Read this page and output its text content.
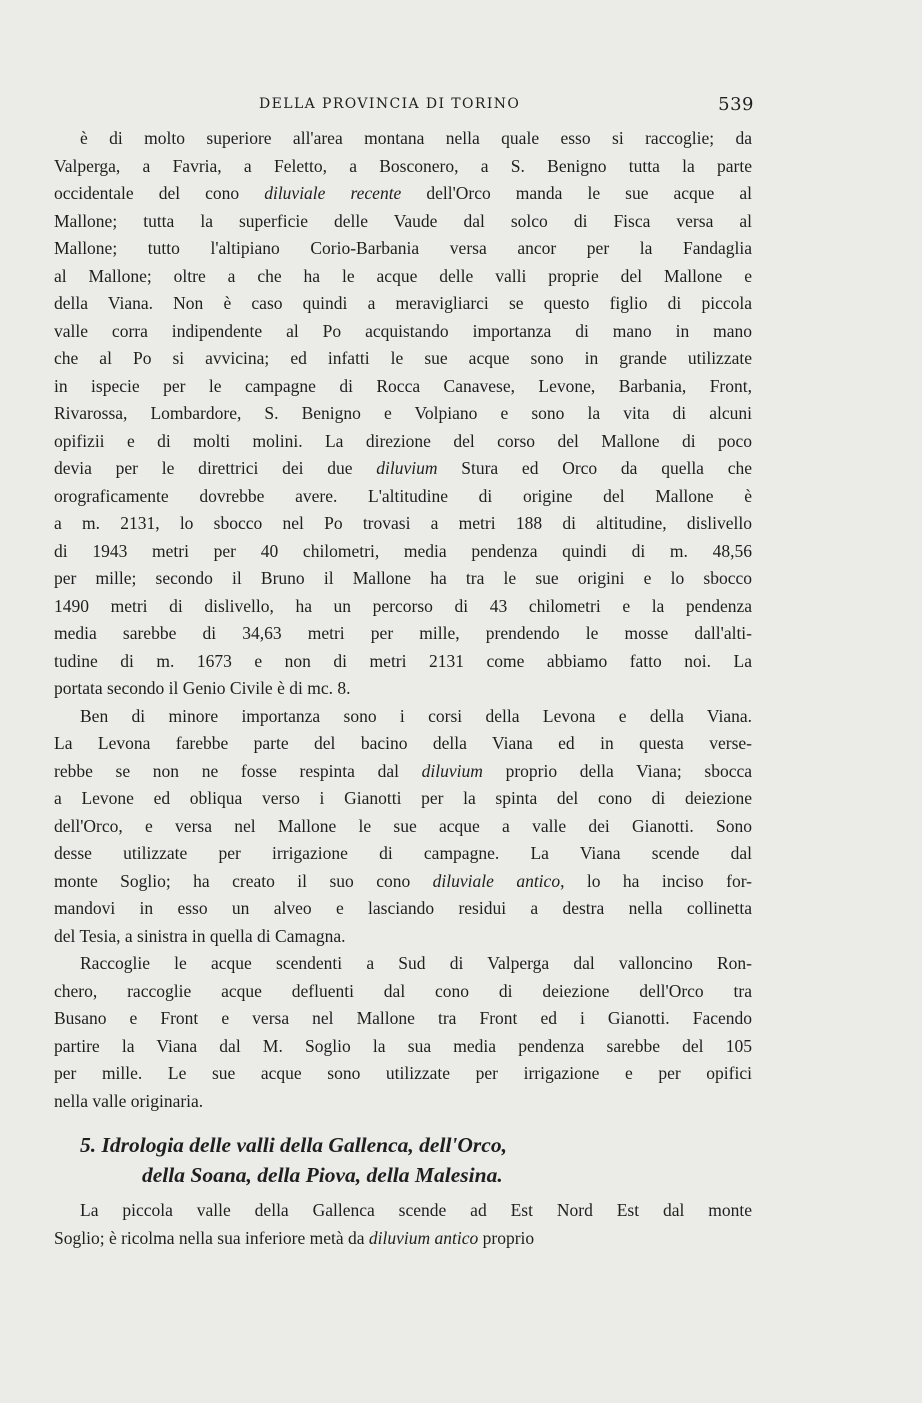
DELLA PROVINCIA DI TORINO	539
è di molto superiore all'area montana nella quale esso si raccoglie; da
Valperga, a Favria, a Feletto, a Bosconero, a S. Benigno tutta la parte
occidentale del cono diluviale recente dell'Orco manda le sue acque al
Mallone; tutta la superficie delle Vaude dal solco di Fisca versa al
Mallone; tutto l'altipiano Corio-Barbania versa ancor per la Fandaglia
al Mallone; oltre a che ha le acque delle valli proprie del Mallone e
della Viana. Non è caso quindi a meravigliarci se questo figlio di piccola
valle corra indipendente al Po acquistando importanza di mano in mano
che al Po si avvicina; ed infatti le sue acque sono in grande utilizzate
in ispecie per le campagne di Rocca Canavese, Levone, Barbania, Front,
Rivarossa, Lombardore, S. Benigno e Volpiano e sono la vita di alcuni
opifizii e di molti molini. La direzione del corso del Mallone di poco
devia per le direttrici dei due diluvium Stura ed Orco da quella che
orograficamente dovrebbe avere. L'altitudine di origine del Mallone è
a m. 2131, lo sbocco nel Po trovasi a metri 188 di altitudine, dislivello
di 1943 metri per 40 chilometri, media pendenza quindi di m. 48,56
per mille; secondo il Bruno il Mallone ha tra le sue origini e lo sbocco
1490 metri di dislivello, ha un percorso di 43 chilometri e la pendenza
media sarebbe di 34,63 metri per mille, prendendo le mosse dall'alti-
tudine di m. 1673 e non di metri 2131 come abbiamo fatto noi. La
portata secondo il Genio Civile è di mc. 8.
Ben di minore importanza sono i corsi della Levona e della Viana.
La Levona farebbe parte del bacino della Viana ed in questa verse-
rebbe se non ne fosse respinta dal diluvium proprio della Viana; sbocca
a Levone ed obliqua verso i Gianotti per la spinta del cono di deiezione
dell'Orco, e versa nel Mallone le sue acque a valle dei Gianotti. Sono
desse utilizzate per irrigazione di campagne. La Viana scende dal
monte Soglio; ha creato il suo cono diluviale antico, lo ha inciso for-
mandovi in esso un alveo e lasciando residui a destra nella collinetta
del Tesia, a sinistra in quella di Camagna.
Raccoglie le acque scendenti a Sud di Valperga dal valloncino Ron-
chero, raccoglie acque defluenti dal cono di deiezione dell'Orco tra
Busano e Front e versa nel Mallone tra Front ed i Gianotti. Facendo
partire la Viana dal M. Soglio la sua media pendenza sarebbe del 105
per mille. Le sue acque sono utilizzate per irrigazione e per opifici
nella valle originaria.
5. Idrologia delle valli della Gallenca, dell'Orco,
della Soana, della Piova, della Malesina.
La piccola valle della Gallenca scende ad Est Nord Est dal monte
Soglio; è ricolma nella sua inferiore metà da diluvium antico proprio
